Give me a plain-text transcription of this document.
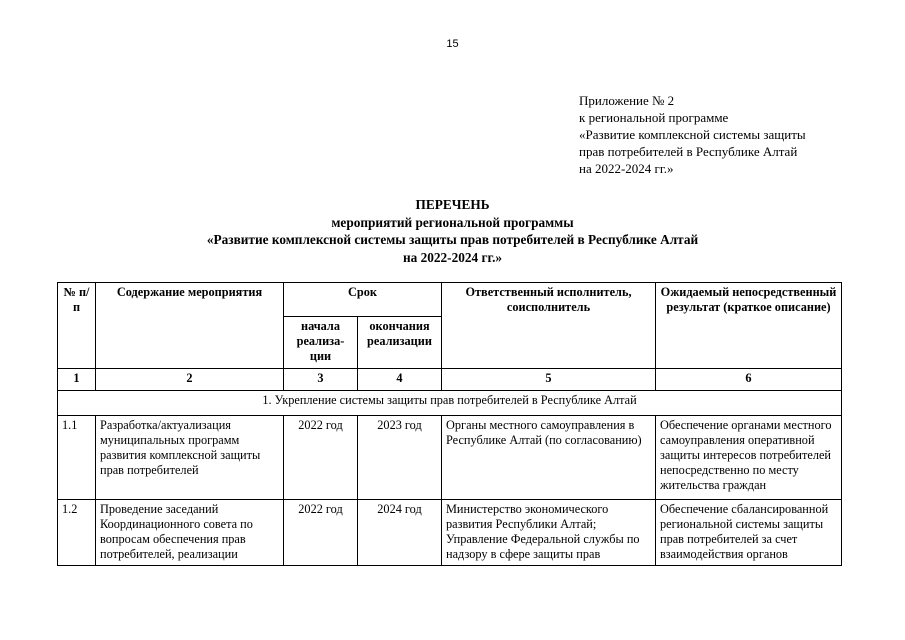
15
Приложение № 2
к региональной программе
«Развитие комплексной системы защиты
прав потребителей в Республике Алтай
на 2022-2024 гг.»
ПЕРЕЧЕНЬ
мероприятий региональной программы
«Развитие комплексной системы защиты прав потребителей в Республике Алтай
на 2022-2024 гг.»
№ п/п	Содержание мероприятия	Срок		Ответственный исполнитель, соисполнитель	Ожидаемый непосредственный результат (краткое описание)
		начала реализа-ции	окончания реализации		
1	2	3	4	5	6
1. Укрепление системы защиты прав потребителей в Республике Алтай					
1.1	Разработка/актуализация муниципальных программ развития комплексной защиты прав потребителей	2022 год	2023 год	Органы местного самоуправления в Республике Алтай (по согласованию)	Обеспечение органами местного самоуправления оперативной защиты интересов потребителей непосредственно по месту жительства граждан
1.2	Проведение заседаний Координационного совета по вопросам обеспечения прав потребителей, реализации	2022 год	2024 год	Министерство экономического развития Республики Алтай; Управление Федеральной службы по надзору в сфере защиты прав	Обеспечение сбалансированной региональной системы защиты прав потребителей за счет взаимодействия органов
